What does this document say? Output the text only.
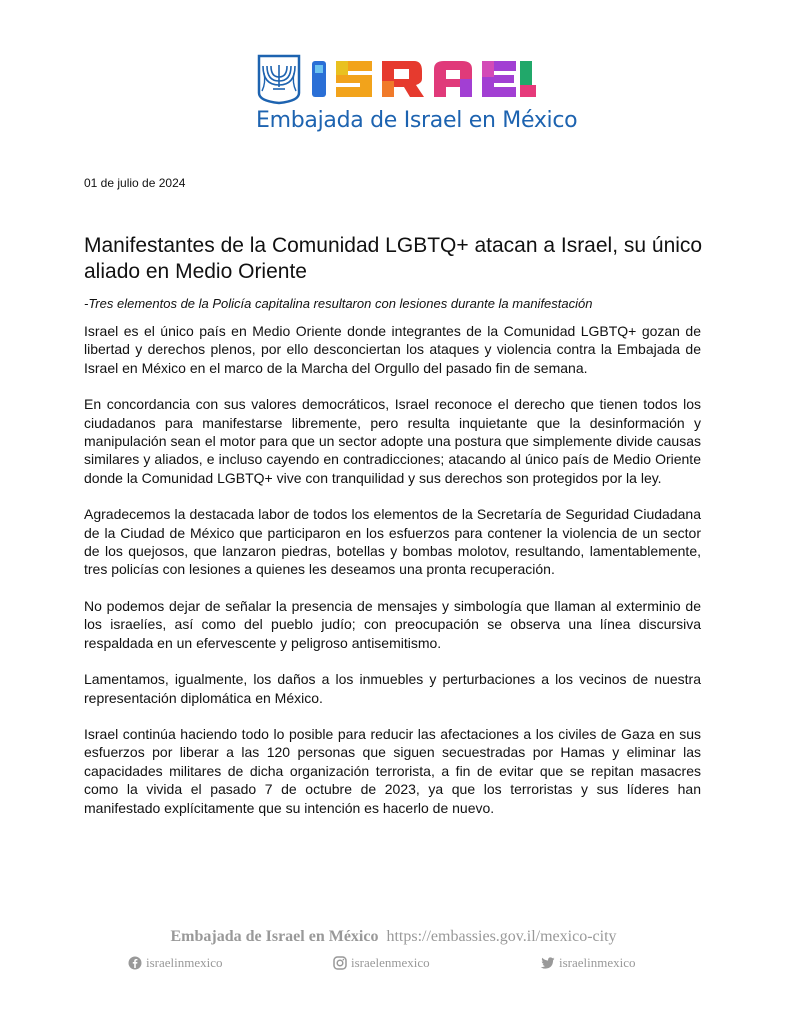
Embajada de Israel en México
01 de julio de 2024
Manifestantes de la Comunidad LGBTQ+ atacan a Israel, su único aliado en Medio Oriente
-Tres elementos de la Policía capitalina resultaron con lesiones durante la manifestación

Israel es el único país en Medio Oriente donde integrantes de la Comunidad LGBTQ+ gozan de libertad y derechos plenos, por ello desconciertan los ataques y violencia contra la Embajada de Israel en México en el marco de la Marcha del Orgullo del pasado fin de semana.

En concordancia con sus valores democráticos, Israel reconoce el derecho que tienen todos los ciudadanos para manifestarse libremente, pero resulta inquietante que la desinformación y manipulación sean el motor para que un sector adopte una postura que simplemente divide causas similares y aliados, e incluso cayendo en contradicciones; atacando al único país de Medio Oriente donde la Comunidad LGBTQ+ vive con tranquilidad y sus derechos son protegidos por la ley.

Agradecemos la destacada labor de todos los elementos de la Secretaría de Seguridad Ciudadana de la Ciudad de México que participaron en los esfuerzos para contener la violencia de un sector de los quejosos, que lanzaron piedras, botellas y bombas molotov, resultando, lamentablemente, tres policías con lesiones a quienes les deseamos una pronta recuperación.

No podemos dejar de señalar la presencia de mensajes y simbología que llaman al exterminio de los israelíes, así como del pueblo judío; con preocupación se observa una línea discursiva respaldada en un efervescente y peligroso antisemitismo.

Lamentamos, igualmente, los daños a los inmuebles y perturbaciones a los vecinos de nuestra representación diplomática en México.

Israel continúa haciendo todo lo posible para reducir las afectaciones a los civiles de Gaza en sus esfuerzos por liberar a las 120 personas que siguen secuestradas por Hamas y eliminar las capacidades militares de dicha organización terrorista, a fin de evitar que se repitan masacres como la vivida el pasado 7 de octubre de 2023, ya que los terroristas y sus líderes han manifestado explícitamente que su intención es hacerlo de nuevo.

Embajada de Israel en México https://embassies.gov.il/mexico-city
israelinmexico	israelenmexico	israelinmexico
